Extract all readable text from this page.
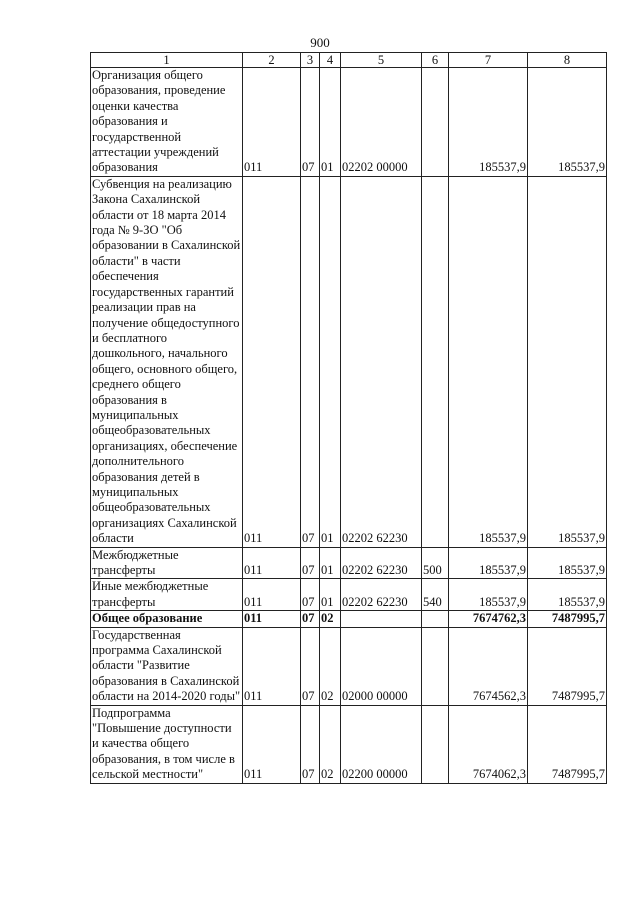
900
1	2	3	4	5	6	7	8
Организация общего образования, проведение оценки качества образования и государственной аттестации учреждений образования	011	07	01	02202 00000		185537,9	185537,9
Субвенция на реализацию Закона Сахалинской области от 18 марта 2014 года № 9-ЗО "Об образовании в Сахалинской области" в части обеспечения государственных гарантий реализации прав на получение общедоступного и бесплатного дошкольного, начального общего, основного общего, среднего общего образования в муниципальных общеобразовательных организациях, обеспечение дополнительного образования детей в муниципальных общеобразовательных организациях Сахалинской области	011	07	01	02202 62230		185537,9	185537,9
Межбюджетные трансферты	011	07	01	02202 62230	500	185537,9	185537,9
Иные межбюджетные трансферты	011	07	01	02202 62230	540	185537,9	185537,9
Общее образование	011	07	02			7674762,3	7487995,7
Государственная программа Сахалинской области "Развитие образования в Сахалинской области на 2014-2020 годы"	011	07	02	02000 00000		7674562,3	7487995,7
Подпрограмма "Повышение доступности и качества общего образования, в том числе в сельской местности"	011	07	02	02200 00000		7674062,3	7487995,7
